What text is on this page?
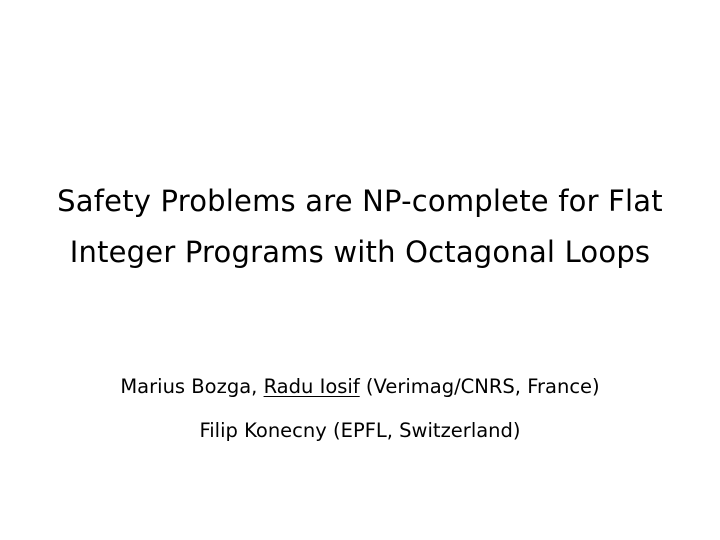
Safety Problems are NP-complete for Flat
Integer Programs with Octagonal Loops
Marius Bozga, Radu Iosif (Verimag/CNRS, France)
Filip Konecny (EPFL, Switzerland)
